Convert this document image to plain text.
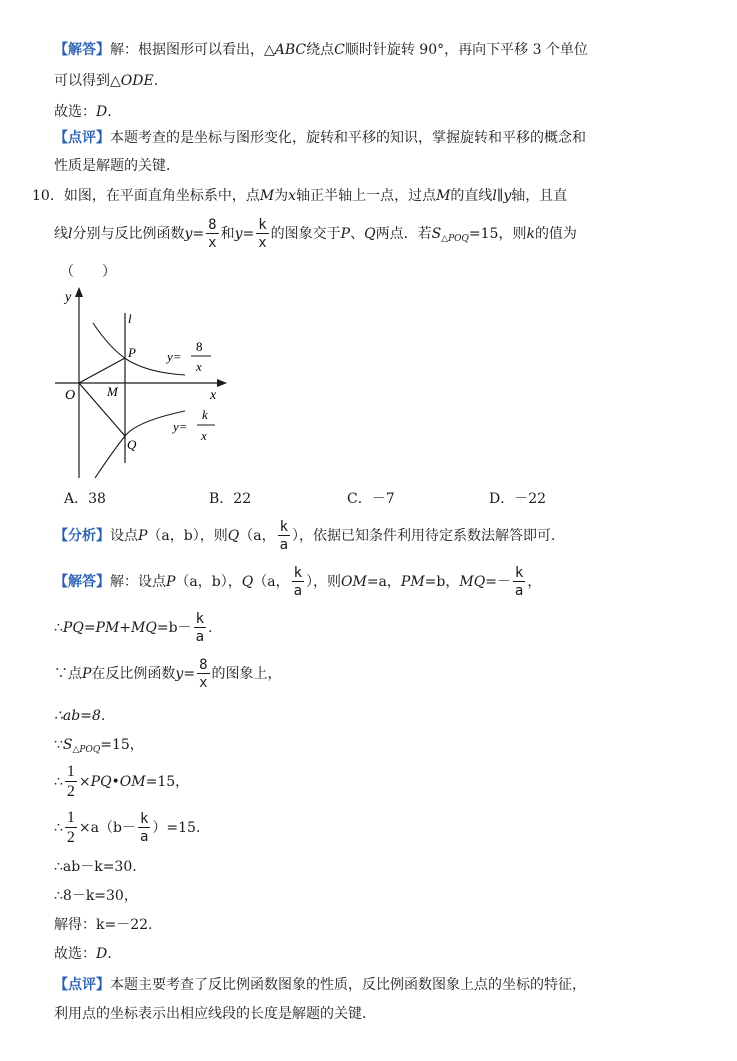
【解答】解：根据图形可以看出，△ABC绕点C顺时针旋转 90°，再向下平移 3 个单位
可以得到△ODE.
故选：D.
【点评】本题考查的是坐标与图形变化，旋转和平移的知识，掌握旋转和平移的概念和
性质是解题的关键．
10．如图，在平面直角坐标系中，点M为x轴正半轴上一点，过点M的直线l∥y轴，且直
线l分别与反比例函数$y= \frac{8}{x}$ 和$y= \frac{k}{x}$ 的图象交于P、Q两点．若$S_{\triangle POQ}=15$，则k的值为
（　　）
y
x
O
l
M
P
Q
y=
8
x
y=
k
x
A．38	B．22	C．－7	D．－22
【分析】设点P（a，b），则Q（a， $\frac{k}{a}$ ），依据已知条件利用待定系数法解答即可．
【解答】解：设点P（a，b），Q（a， $\frac{k}{a}$ ），则OM=a，PM=b，$MQ=- \frac{k}{a}$ ，
∴PQ=PM+MQ=b－ $\frac{k}{a}$ .
∵点P在反比例函数$y= \frac{8}{x}$ 的图象上，
∴ab=8.
$\because S_{\triangle POQ}=15$，
∴ $\frac{1}{2}$ ×PQ•OM=15，
∴ $\frac{1}{2} \times a(b- \frac{k}{a} )=15$.
∴ab－k=30.
∴8－k=30，
解得：k=－22.
故选：D.
【点评】本题主要考查了反比例函数图象的性质，反比例函数图象上点的坐标的特征，
利用点的坐标表示出相应线段的长度是解题的关键．
